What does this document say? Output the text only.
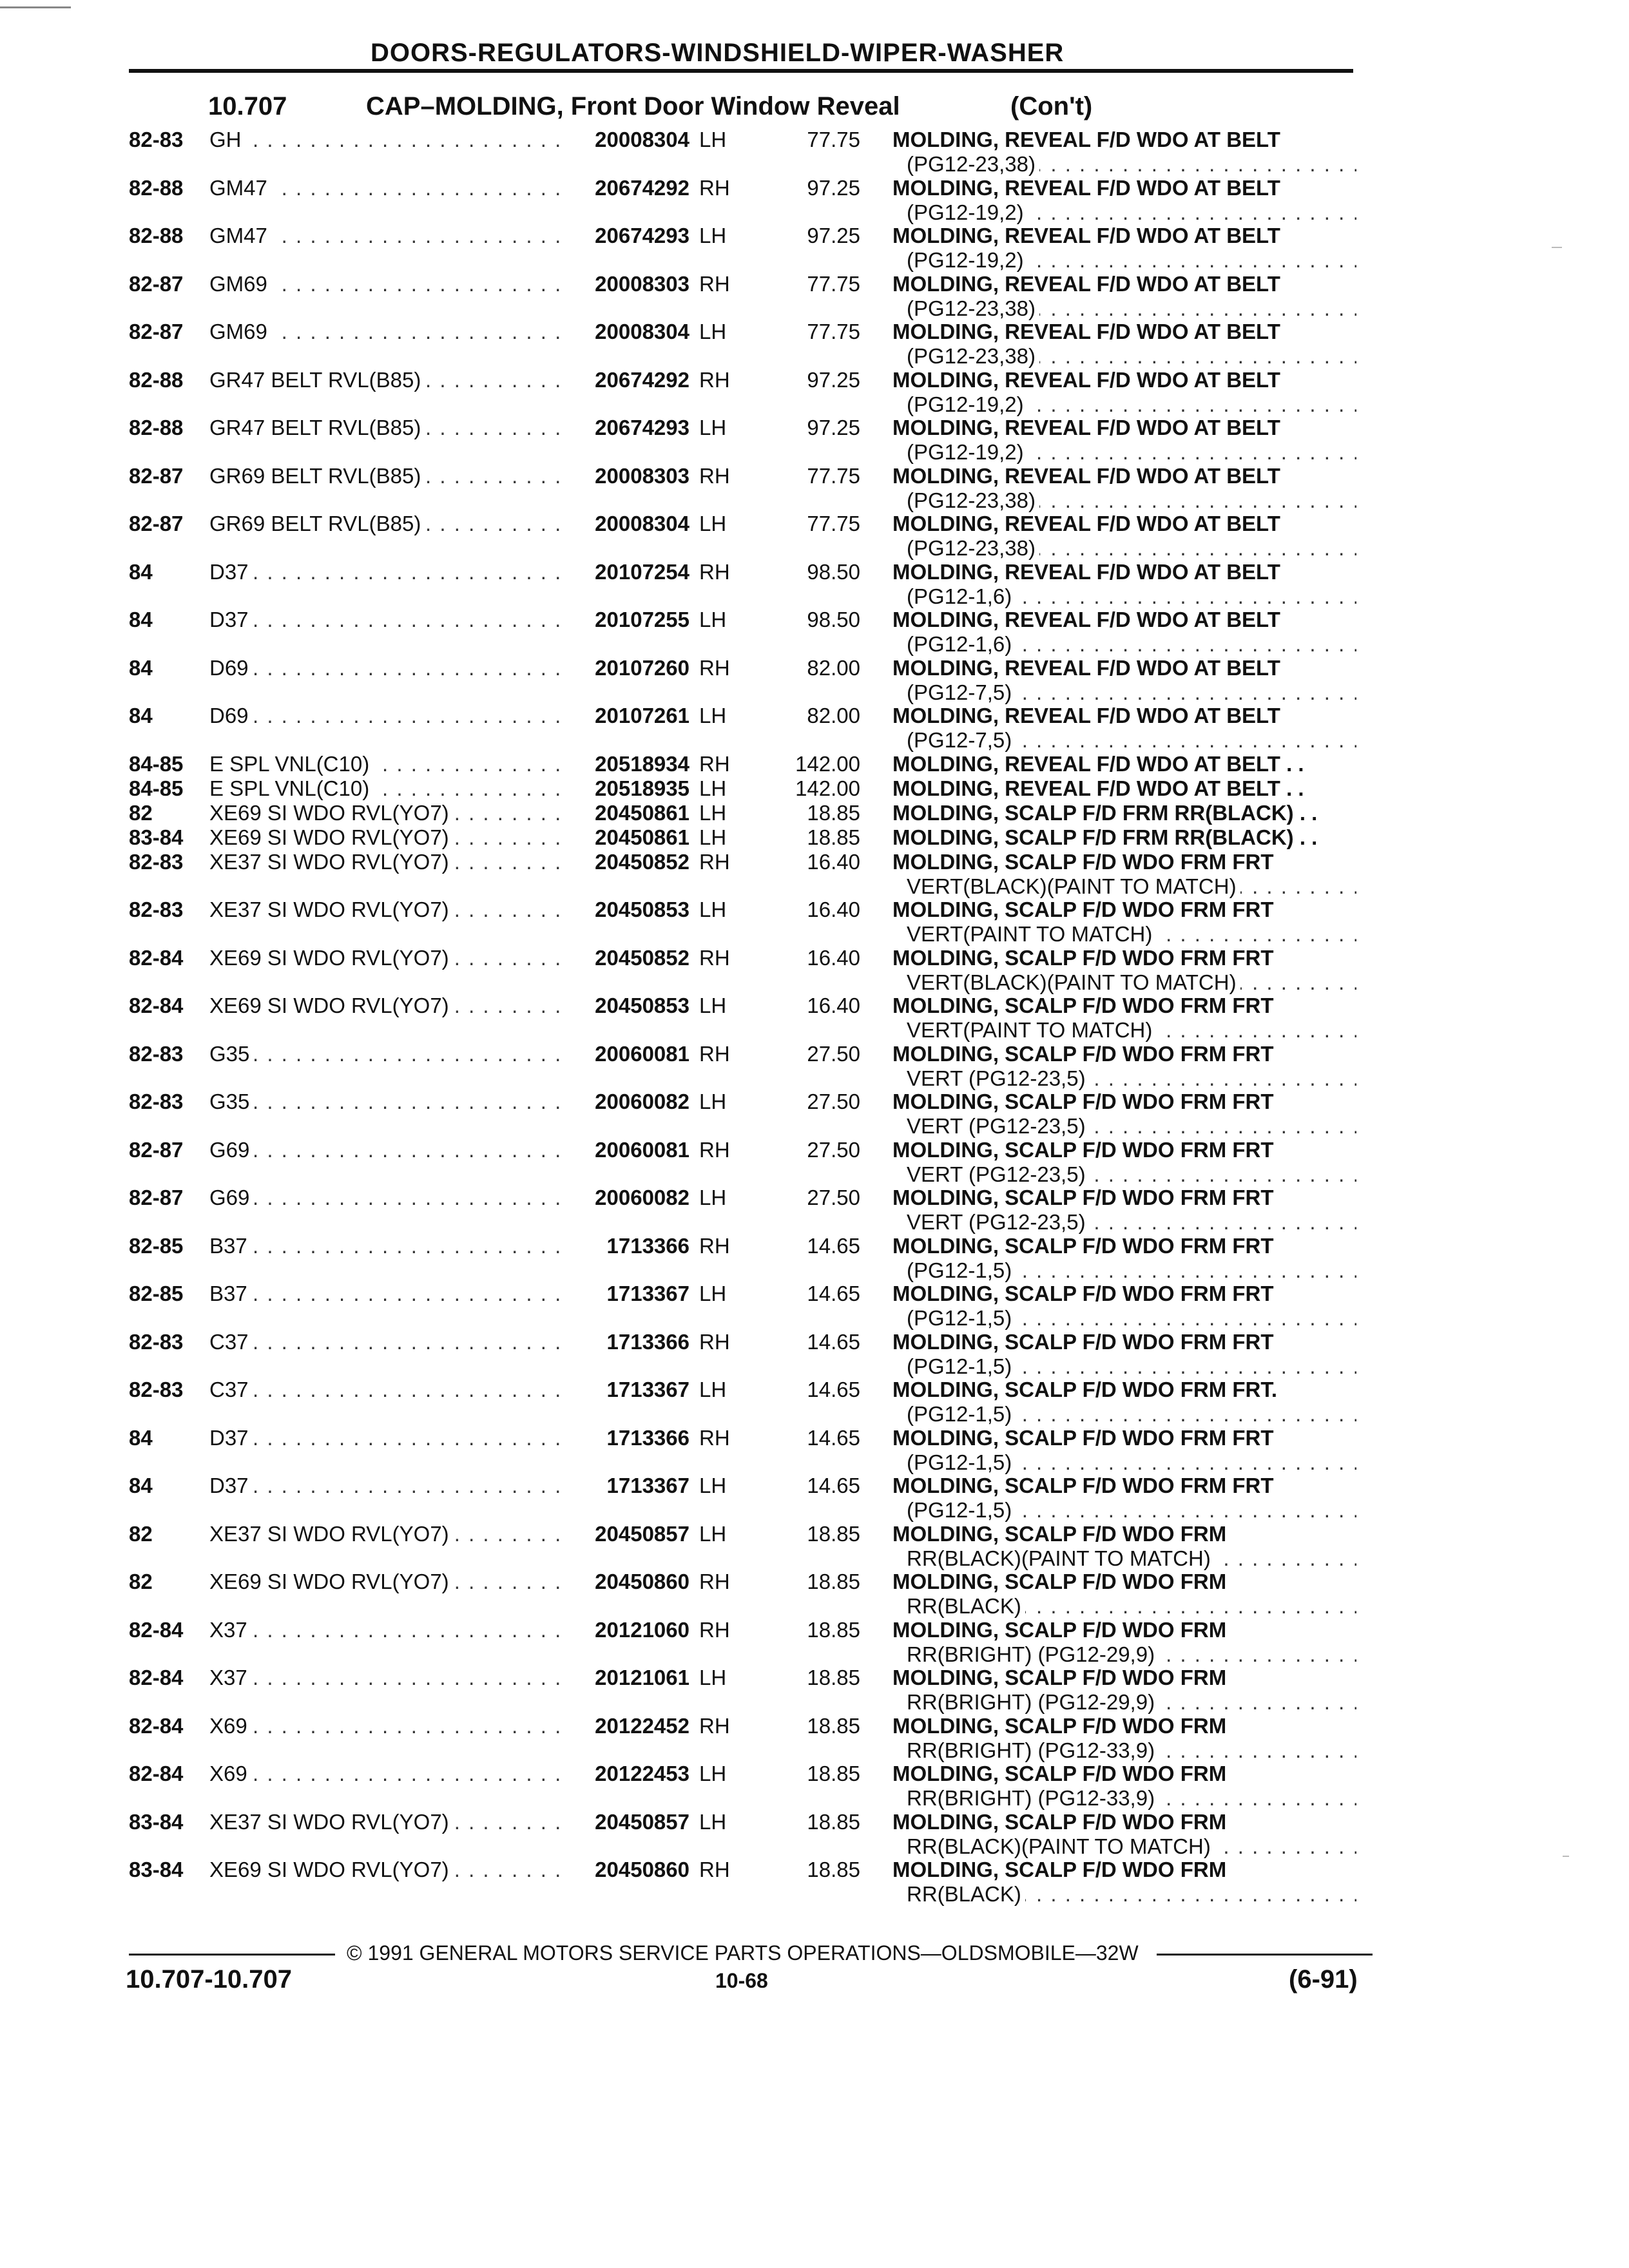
DOORS-REGULATORS-WINDSHIELD-WIPER-WASHER
10.707	CAP–MOLDING, Front Door Window Reveal	(Con't)
82-83 GH . . .	20008304 LH	77.75 MOLDING, REVEAL F/D WDO AT BELT
(PG12-23,38) . . .
82-88 GM47 . . .	20674292 RH	97.25 MOLDING, REVEAL F/D WDO AT BELT
(PG12-19,2) . . .
82-88 GM47 . . .	20674293 LH	97.25 MOLDING, REVEAL F/D WDO AT BELT
(PG12-19,2) . . .
82-87 GM69 . . .	20008303 RH	77.75 MOLDING, REVEAL F/D WDO AT BELT
(PG12-23,38) . . .
82-87 GM69 . . .	20008304 LH	77.75 MOLDING, REVEAL F/D WDO AT BELT
(PG12-23,38) . . .
82-88 GR47 BELT RVL(B85) . . .	20674292 RH	97.25 MOLDING, REVEAL F/D WDO AT BELT
(PG12-19,2) . . .
82-88 GR47 BELT RVL(B85) . . .	20674293 LH	97.25 MOLDING, REVEAL F/D WDO AT BELT
(PG12-19,2) . . .
82-87 GR69 BELT RVL(B85) . . .	20008303 RH	77.75 MOLDING, REVEAL F/D WDO AT BELT
(PG12-23,38) . . .
82-87 GR69 BELT RVL(B85) . . .	20008304 LH	77.75 MOLDING, REVEAL F/D WDO AT BELT
(PG12-23,38) . . .
84	D37 . . .	20107254 RH	98.50 MOLDING, REVEAL F/D WDO AT BELT
(PG12-1,6) . . .
84	D37 . . .	20107255 LH	98.50 MOLDING, REVEAL F/D WDO AT BELT
(PG12-1,6) . . .
84	D69 . . .	20107260 RH	82.00 MOLDING, REVEAL F/D WDO AT BELT
(PG12-7,5) . . .
84	D69 . . .	20107261 LH	82.00 MOLDING, REVEAL F/D WDO AT BELT
(PG12-7,5) . . .
84-85 E SPL VNL(C10) . . .	20518934 RH	142.00 MOLDING, REVEAL F/D WDO AT BELT . .
84-85 E SPL VNL(C10) . . .	20518935 LH	142.00 MOLDING, REVEAL F/D WDO AT BELT . .
82	XE69 SI WDO RVL(YO7) . . .	20450861 LH	18.85 MOLDING, SCALP F/D FRM RR(BLACK) . .
83-84 XE69 SI WDO RVL(YO7) . . .	20450861 LH	18.85 MOLDING, SCALP F/D FRM RR(BLACK) . .
82-83 XE37 SI WDO RVL(YO7) . . .	20450852 RH	16.40 MOLDING, SCALP F/D WDO FRM FRT
VERT(BLACK)(PAINT TO MATCH) . . .
82-83 XE37 SI WDO RVL(YO7) . . .	20450853 LH	16.40 MOLDING, SCALP F/D WDO FRM FRT
VERT(PAINT TO MATCH) . . .
82-84 XE69 SI WDO RVL(YO7) . . .	20450852 RH	16.40 MOLDING, SCALP F/D WDO FRM FRT
VERT(BLACK)(PAINT TO MATCH) . . .
82-84 XE69 SI WDO RVL(YO7) . . .	20450853 LH	16.40 MOLDING, SCALP F/D WDO FRM FRT
VERT(PAINT TO MATCH) . . .
82-83 G35 . . .	20060081 RH	27.50 MOLDING, SCALP F/D WDO FRM FRT
VERT (PG12-23,5) . . .
82-83 G35 . . .	20060082 LH	27.50 MOLDING, SCALP F/D WDO FRM FRT
VERT (PG12-23,5) . . .
82-87 G69 . . .	20060081 RH	27.50 MOLDING, SCALP F/D WDO FRM FRT
VERT (PG12-23,5) . . .
82-87 G69 . . .	20060082 LH	27.50 MOLDING, SCALP F/D WDO FRM FRT
VERT (PG12-23,5) . . .
82-85 B37 . . .	1713366 RH	14.65 MOLDING, SCALP F/D WDO FRM FRT
(PG12-1,5) . . .
82-85 B37 . . .	1713367 LH	14.65 MOLDING, SCALP F/D WDO FRM FRT
(PG12-1,5) . . .
82-83 C37 . . .	1713366 RH	14.65 MOLDING, SCALP F/D WDO FRM FRT
(PG12-1,5) . . .
82-83 C37 . . .	1713367 LH	14.65 MOLDING, SCALP F/D WDO FRM FRT.
(PG12-1,5) . . .
84	D37 . . .	1713366 RH	14.65 MOLDING, SCALP F/D WDO FRM FRT
(PG12-1,5) . . .
84	D37 . . .	1713367 LH	14.65 MOLDING, SCALP F/D WDO FRM FRT
(PG12-1,5) . . .
82	XE37 SI WDO RVL(YO7) . . .	20450857 LH	18.85 MOLDING, SCALP F/D WDO FRM
RR(BLACK)(PAINT TO MATCH) . . .
82	XE69 SI WDO RVL(YO7) . . .	20450860 RH	18.85 MOLDING, SCALP F/D WDO FRM
RR(BLACK) . . .
82-84 X37 . . .	20121060 RH	18.85 MOLDING, SCALP F/D WDO FRM
RR(BRIGHT) (PG12-29,9) . . .
82-84 X37 . . .	20121061 LH	18.85 MOLDING, SCALP F/D WDO FRM
RR(BRIGHT) (PG12-29,9) . . .
82-84 X69 . . .	20122452 RH	18.85 MOLDING, SCALP F/D WDO FRM
RR(BRIGHT) (PG12-33,9) . . .
82-84 X69 . . .	20122453 LH	18.85 MOLDING, SCALP F/D WDO FRM
RR(BRIGHT) (PG12-33,9) . . .
83-84 XE37 SI WDO RVL(YO7) . . .	20450857 LH	18.85 MOLDING, SCALP F/D WDO FRM
RR(BLACK)(PAINT TO MATCH) . . .
83-84 XE69 SI WDO RVL(YO7) . . .	20450860 RH	18.85 MOLDING, SCALP F/D WDO FRM
RR(BLACK) . . .
© 1991 GENERAL MOTORS SERVICE PARTS OPERATIONS—OLDSMOBILE—32W
10.707-10.707	10-68	(6-91)
